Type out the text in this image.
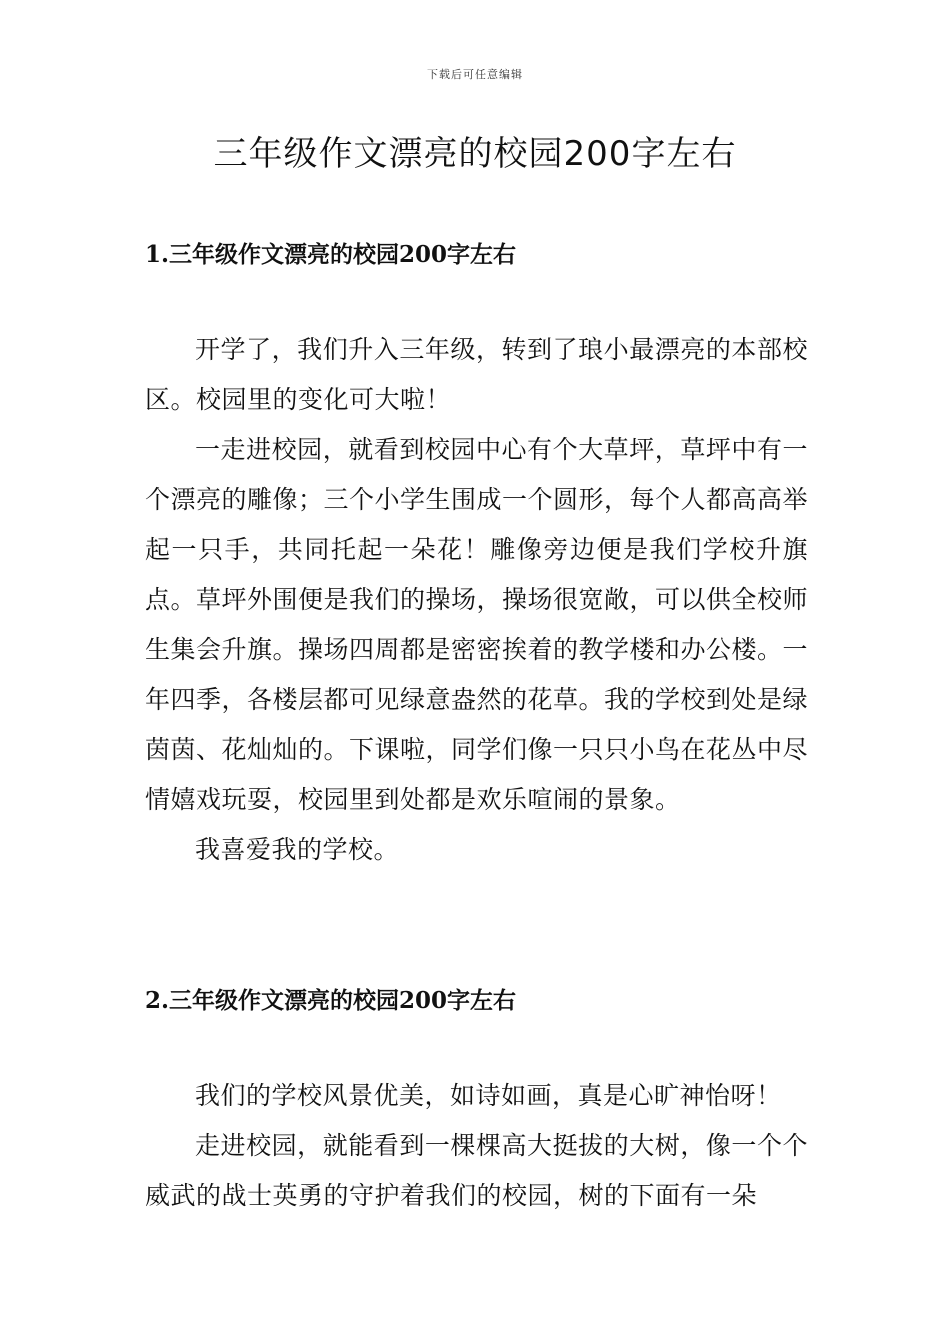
下载后可任意编辑
三年级作文漂亮的校园200字左右
1.三年级作文漂亮的校园200字左右

开学了，我们升入三年级，转到了琅小最漂亮的本部校区。校园里的变化可大啦！

一走进校园，就看到校园中心有个大草坪，草坪中有一个漂亮的雕像；三个小学生围成一个圆形，每个人都高高举起一只手，共同托起一朵花！雕像旁边便是我们学校升旗点。草坪外围便是我们的操场，操场很宽敞，可以供全校师生集会升旗。操场四周都是密密挨着的教学楼和办公楼。一年四季，各楼层都可见绿意盎然的花草。我的学校到处是绿茵茵、花灿灿的。下课啦，同学们像一只只小鸟在花丛中尽情嬉戏玩耍，校园里到处都是欢乐喧闹的景象。

我喜爱我的学校。

2.三年级作文漂亮的校园200字左右

我们的学校风景优美，如诗如画，真是心旷神怡呀！

走进校园，就能看到一棵棵高大挺拔的大树，像一个个威武的战士英勇的守护着我们的校园，树的下面有一朵
